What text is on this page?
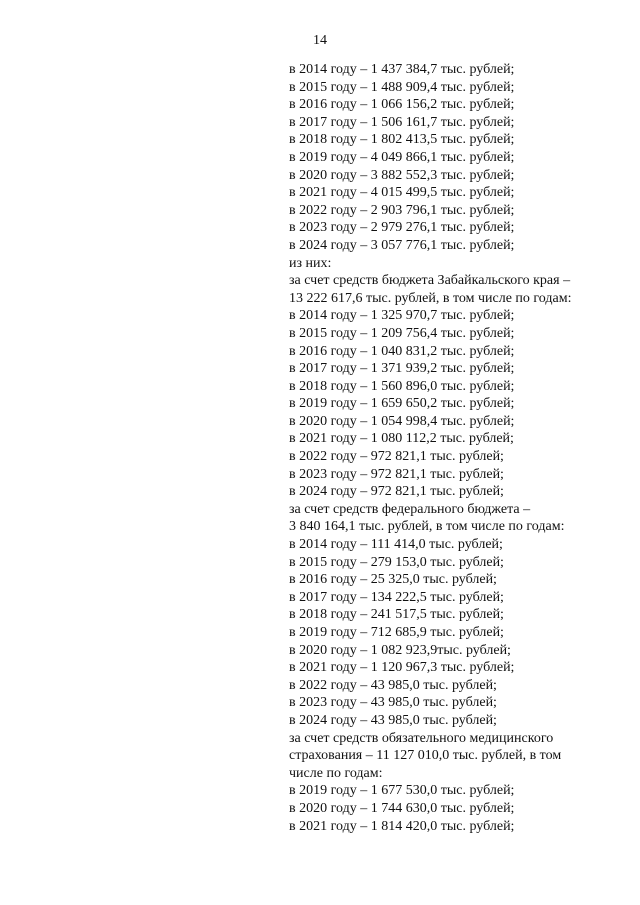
14

в 2014 году – 1 437 384,7 тыс. рублей;

в 2015 году – 1 488 909,4 тыс. рублей;

в 2016 году – 1 066 156,2 тыс. рублей;

в 2017 году – 1 506 161,7 тыс. рублей;

в 2018 году – 1 802 413,5 тыс. рублей;

в 2019 году – 4 049 866,1 тыс. рублей;

в 2020 году – 3 882 552,3 тыс. рублей;

в 2021 году – 4 015 499,5 тыс. рублей;

в 2022 году – 2 903 796,1 тыс. рублей;

в 2023 году – 2 979 276,1 тыс. рублей;

в 2024 году – 3 057 776,1 тыс. рублей;

из них:

за счет средств бюджета Забайкальского края –

13 222 617,6 тыс. рублей, в том числе по годам:

в 2014 году – 1 325 970,7 тыс. рублей;

в 2015 году – 1 209 756,4 тыс. рублей;

в 2016 году – 1 040 831,2 тыс. рублей;

в 2017 году – 1 371 939,2 тыс. рублей;

в 2018 году – 1 560 896,0 тыс. рублей;

в 2019 году – 1 659 650,2 тыс. рублей;

в 2020 году – 1 054 998,4 тыс. рублей;

в 2021 году – 1 080 112,2 тыс. рублей;

в 2022 году – 972 821,1 тыс. рублей;

в 2023 году – 972 821,1 тыс. рублей;

в 2024 году – 972 821,1 тыс. рублей;

за счет средств федерального бюджета –

3 840 164,1 тыс. рублей, в том числе по годам:

в 2014 году – 111 414,0 тыс. рублей;

в 2015 году – 279 153,0 тыс. рублей;

в 2016 году – 25 325,0 тыс. рублей;

в 2017 году – 134 222,5 тыс. рублей;

в 2018 году – 241 517,5 тыс. рублей;

в 2019 году – 712 685,9 тыс. рублей;

в 2020 году – 1 082 923,9тыс. рублей;

в 2021 году – 1 120 967,3 тыс. рублей;

в 2022 году – 43 985,0 тыс. рублей;

в 2023 году – 43 985,0 тыс. рублей;

в 2024 году – 43 985,0 тыс. рублей;

за счет средств обязательного медицинского

страхования – 11 127 010,0 тыс. рублей, в том

числе по годам:

в 2019 году – 1 677 530,0 тыс. рублей;

в 2020 году – 1 744 630,0 тыс. рублей;

в 2021 году – 1 814 420,0 тыс. рублей;
